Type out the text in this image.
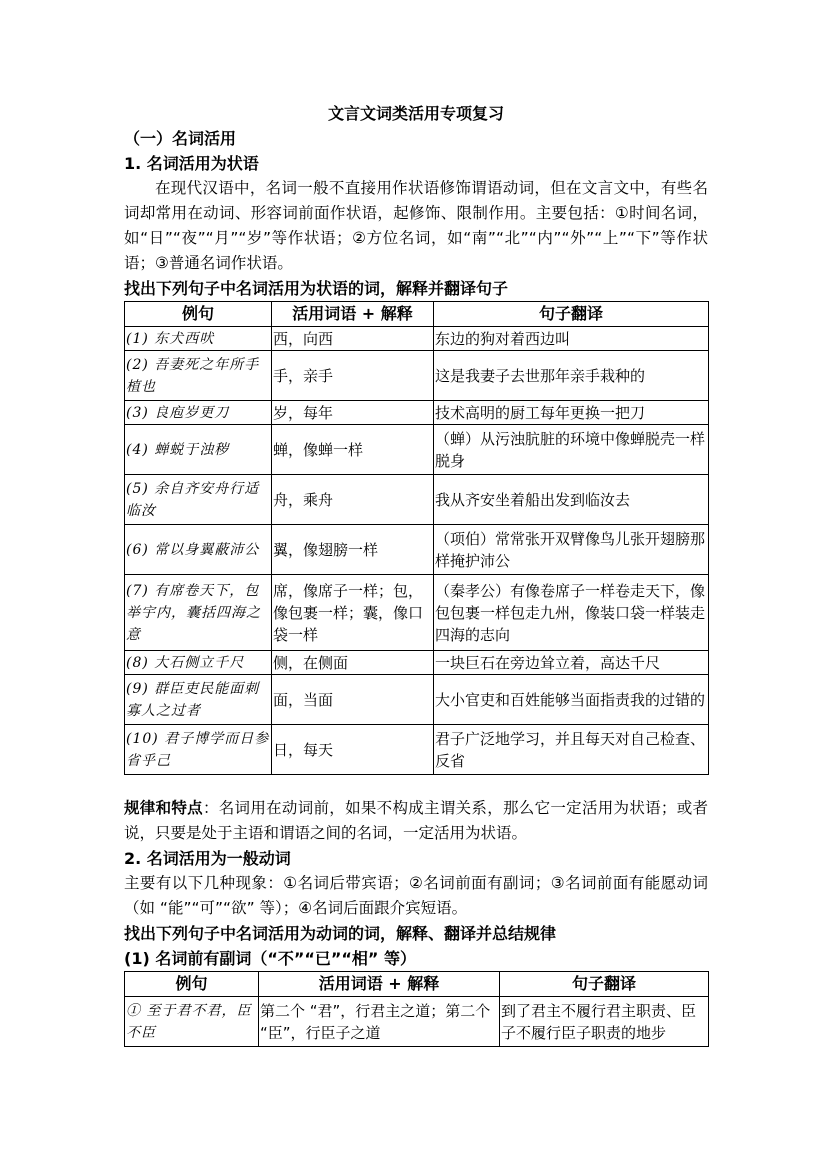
文言文词类活用专项复习
（一）名词活用
1. 名词活用为状语
在现代汉语中，名词一般不直接用作状语修饰谓语动词，但在文言文中，有些名词却常用在动词、形容词前面作状语，起修饰、限制作用。主要包括：①时间名词，如“日”“夜”“月”“岁”等作状语；②方位名词，如“南”“北”“内”“外”“上”“下”等作状语；③普通名词作状语。
找出下列句子中名词活用为状语的词，解释并翻译句子
例句	活用词语 + 解释	句子翻译
(1) 东犬西吠	西，向西	东边的狗对着西边叫
(2) 吾妻死之年所手植也	手，亲手	这是我妻子去世那年亲手栽种的
(3) 良庖岁更刀	岁，每年	技术高明的厨工每年更换一把刀
(4) 蝉蜕于浊秽	蝉，像蝉一样	（蝉）从污浊肮脏的环境中像蝉脱壳一样脱身
(5) 余自齐安舟行适临汝	舟，乘舟	我从齐安坐着船出发到临汝去
(6) 常以身翼蔽沛公	翼，像翅膀一样	（项伯）常常张开双臂像鸟儿张开翅膀那样掩护沛公
(7) 有席卷天下，包举宇内，囊括四海之意	席，像席子一样；包，像包裹一样；囊，像口袋一样	（秦孝公）有像卷席子一样卷走天下，像包包裹一样包走九州，像装口袋一样装走四海的志向
(8) 大石侧立千尺	侧，在侧面	一块巨石在旁边耸立着，高达千尺
(9) 群臣吏民能面刺寡人之过者	面，当面	大小官吏和百姓能够当面指责我的过错的
(10) 君子博学而日参省乎己	日，每天	君子广泛地学习，并且每天对自己检查、反省
规律和特点：名词用在动词前，如果不构成主谓关系，那么它一定活用为状语；或者说，只要是处于主语和谓语之间的名词，一定活用为状语。
2. 名词活用为一般动词
主要有以下几种现象：①名词后带宾语；②名词前面有副词；③名词前面有能愿动词（如 “能”“可”“欲” 等）；④名词后面跟介宾短语。
找出下列句子中名词活用为动词的词，解释、翻译并总结规律
(1) 名词前有副词（“不”“已”“相” 等）
例句	活用词语 + 解释	句子翻译
① 至于君不君，臣不臣	第二个 “君”，行君主之道；第二个 “臣”，行臣子之道	到了君主不履行君主职责、臣子不履行臣子职责的地步
